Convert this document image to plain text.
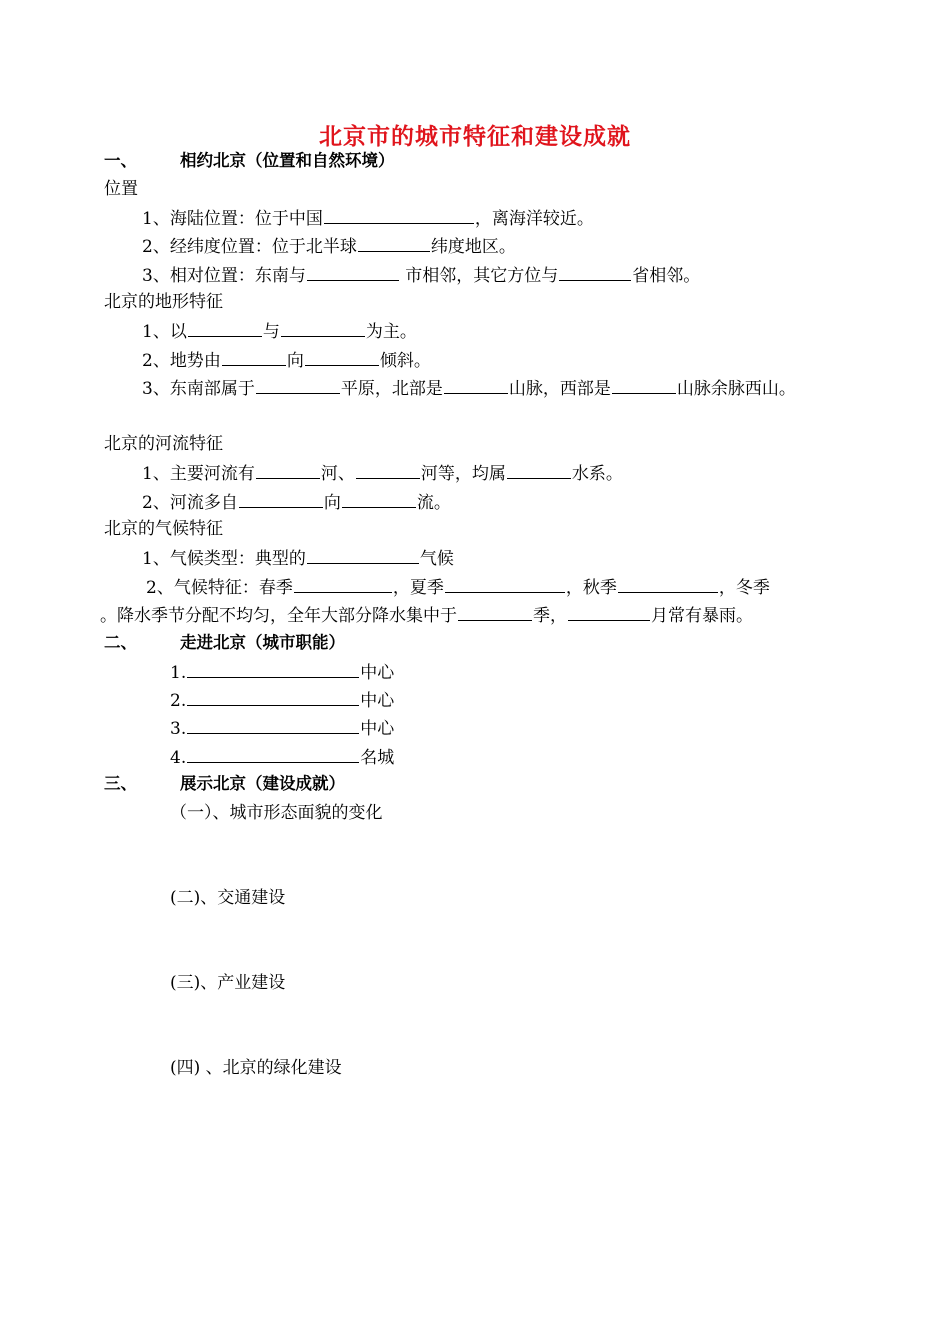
北京市的城市特征和建设成就
一、	相约北京（位置和自然环境）
位置
1、海陆位置：位于中国	，离海洋较近。
2、经纬度位置：位于北半球	纬度地区。
3、相对位置：东南与	市相邻，其它方位与	省相邻。
北京的地形特征
1、以	与	为主。
2、地势由	向	倾斜。
3、东南部属于	平原，北部是	山脉，西部是	山脉余脉西山。
北京的河流特征
1、主要河流有	河、	河等，均属	水系。
2、河流多自	向	流。
北京的气候特征
1、气候类型：典型的	气候
2、气候特征：春季	，夏季	，秋季	，冬季
。降水季节分配不均匀，全年大部分降水集中于	季，	月常有暴雨。
二、	走进北京（城市职能）
1.	中心
2.	中心
3.	中心
4.	名城
三、	展示北京（建设成就）
（一）、城市形态面貌的变化
(二)、交通建设
(三)、产业建设
(四) 、北京的绿化建设
